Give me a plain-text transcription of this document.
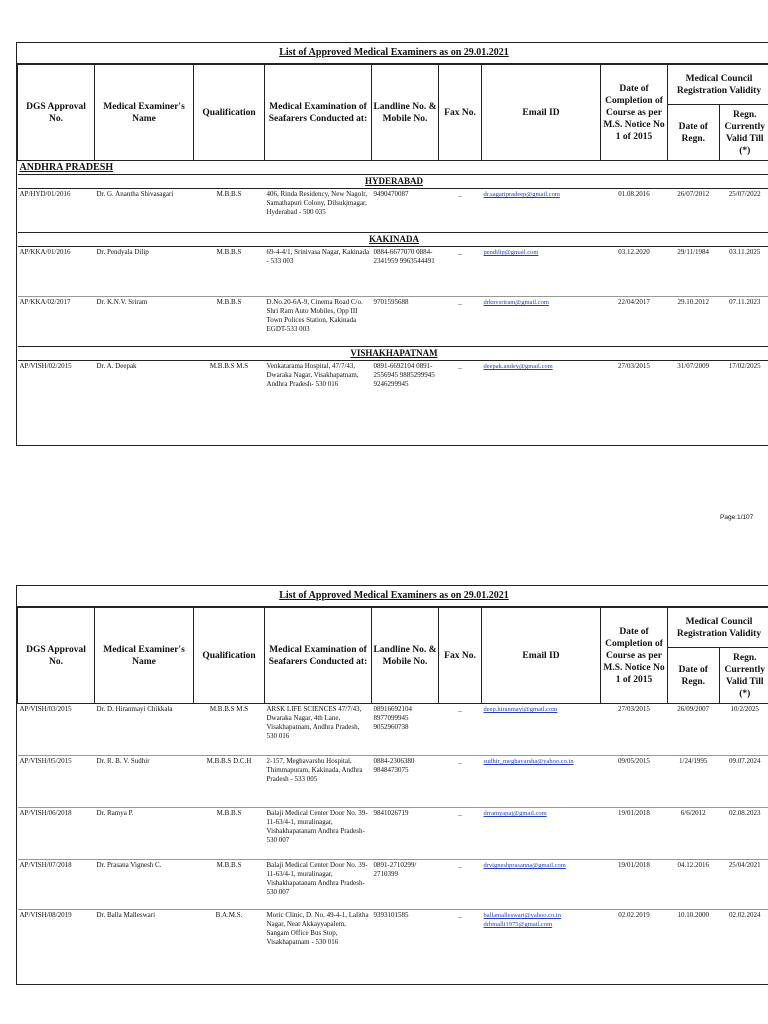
List of Approved Medical Examiners as on 29.01.2021
DGS Approval No.	Medical Examiner's Name	Qualification	Medical Examination of Seafarers Conducted at:	Landline No. & Mobile No.	Fax No.	Email ID	Date of Completion of Course as per M.S. Notice No 1 of 2015	Medical Council Registration Validity	
								Date of Regn.	Regn. Currently Valid Till (*)
ANDHRA PRADESH									
HYDERABAD									
AP/HYD/01/2016	Dr. G. Anantha Shivasagari	M.B.B.S	406, Rinda Residency, New Nagolr, Samathapuri Colony, Dilsukjmagar, Hyderabad - 500 035	9490470087	_	dr.sagaripradeep@gmail.com	01.08.2016	26/07/2012	25/07/2022
KAKINADA									
AP/KKA/01/2016	Dr. Pendyala Dilip	M.B.B.S	69-4-4/1, Srinivasa Nagar, Kakinada - 533 003	0884-6677070 0884-2341959 9963544491	_	pendilip@gmail.com	03.12.2020	29/11/1984	03.11.2025
AP/KKA/02/2017	Dr. K.N.V. Sriram	M.B.B.S	D.No.20-6A-9, Cinema Road C/o. Shri Ram Auto Mobiles, Opp III Town Polices Station, Kakinada EGDT-533 003	9701595688	_	drknvsriram@gmail.com	22/04/2017	29.10.2012	07.11.2023
VISHAKHAPATNAM									
AP/VISH/02/2015	Dr. A. Deepak	M.B.B.S M.S	Venkatarama Hospital, 47/7/43, Dwaraka Nagar, Visakhapatnam, Andhra Pradesh- 530 016	0891-6692104 0891-2556945 9885299945 9246299945	_	deepak.andey@gmail.com	27/03/2015	31/07/2009	17/02/2025
Page:1/107
List of Approved Medical Examiners as on 29.01.2021
DGS Approval No.	Medical Examiner's Name	Qualification	Medical Examination of Seafarers Conducted at:	Landline No. & Mobile No.	Fax No.	Email ID	Date of Completion of Course as per M.S. Notice No 1 of 2015	Medical Council Registration Validity	
								Date of Regn.	Regn. Currently Valid Till (*)
AP/VISH/03/2015	Dr. D. Hiranmayi Chikkala	M.B.B.S M.S	ARSK LIFE SCIENCES 47/7/43, Dwaraka Nagar, 4th Lane, Visakhapatnam, Andhra Pradesh, 530 016	08916692104 8977099945 9052960738	_	deep.hiranmayi@gmail.com	27/03/2015	26/09/2007	10/2/2025
AP/VISH/05/2015	Dr. R. B. V. Sudhir	M.B.B.S D.C.H	2-157, Meghavarshu Hospital, Thimmapuram, Kakinada, Andhra Pradesh - 533 005	0884-2306380 9848473075	_	sudhir_meghavarsha@yahoo.co.in	09/05/2015	1/24/1995	09.07.2024
AP/VISH/06/2018	Dr. Ramya P.	M.B.B.S	Balaji Medical Center Door No. 39-11-63/4-1, muralinagar, Vishakhapatanam Andhra Pradesh- 530 007	9841026719	_	drramyapaj@gmail.com	19/01/2018	6/6/2012	02.08.2023
AP/VISH/07/2018	Dr. Prasana Vignesh C.	M.B.B.S	Balaji Medical Center Door No. 39-11-63/4-1, muralinagar, Vishakhapatanam Andhra Pradesh- 530 007	0891-2710299/ 2710399	_	drvigneshprasanna@gmail.com	19/01/2018	04.12.2016	25/04/2021
AP/VISH/08/2019	Dr. Balla Malleswari	B.A.M.S.	Moric Clinic, D. No. 49-4-1, Lalitha Nagar, Near Akkayyapalem, Sangam Office Bus Stop, Visakhapatnam - 530 016	9393101585	_	ballamalleswari@yahoo.co.in drbmalli1975@gmail.com	02.02.2019	10.10.2000	02.02.2024
